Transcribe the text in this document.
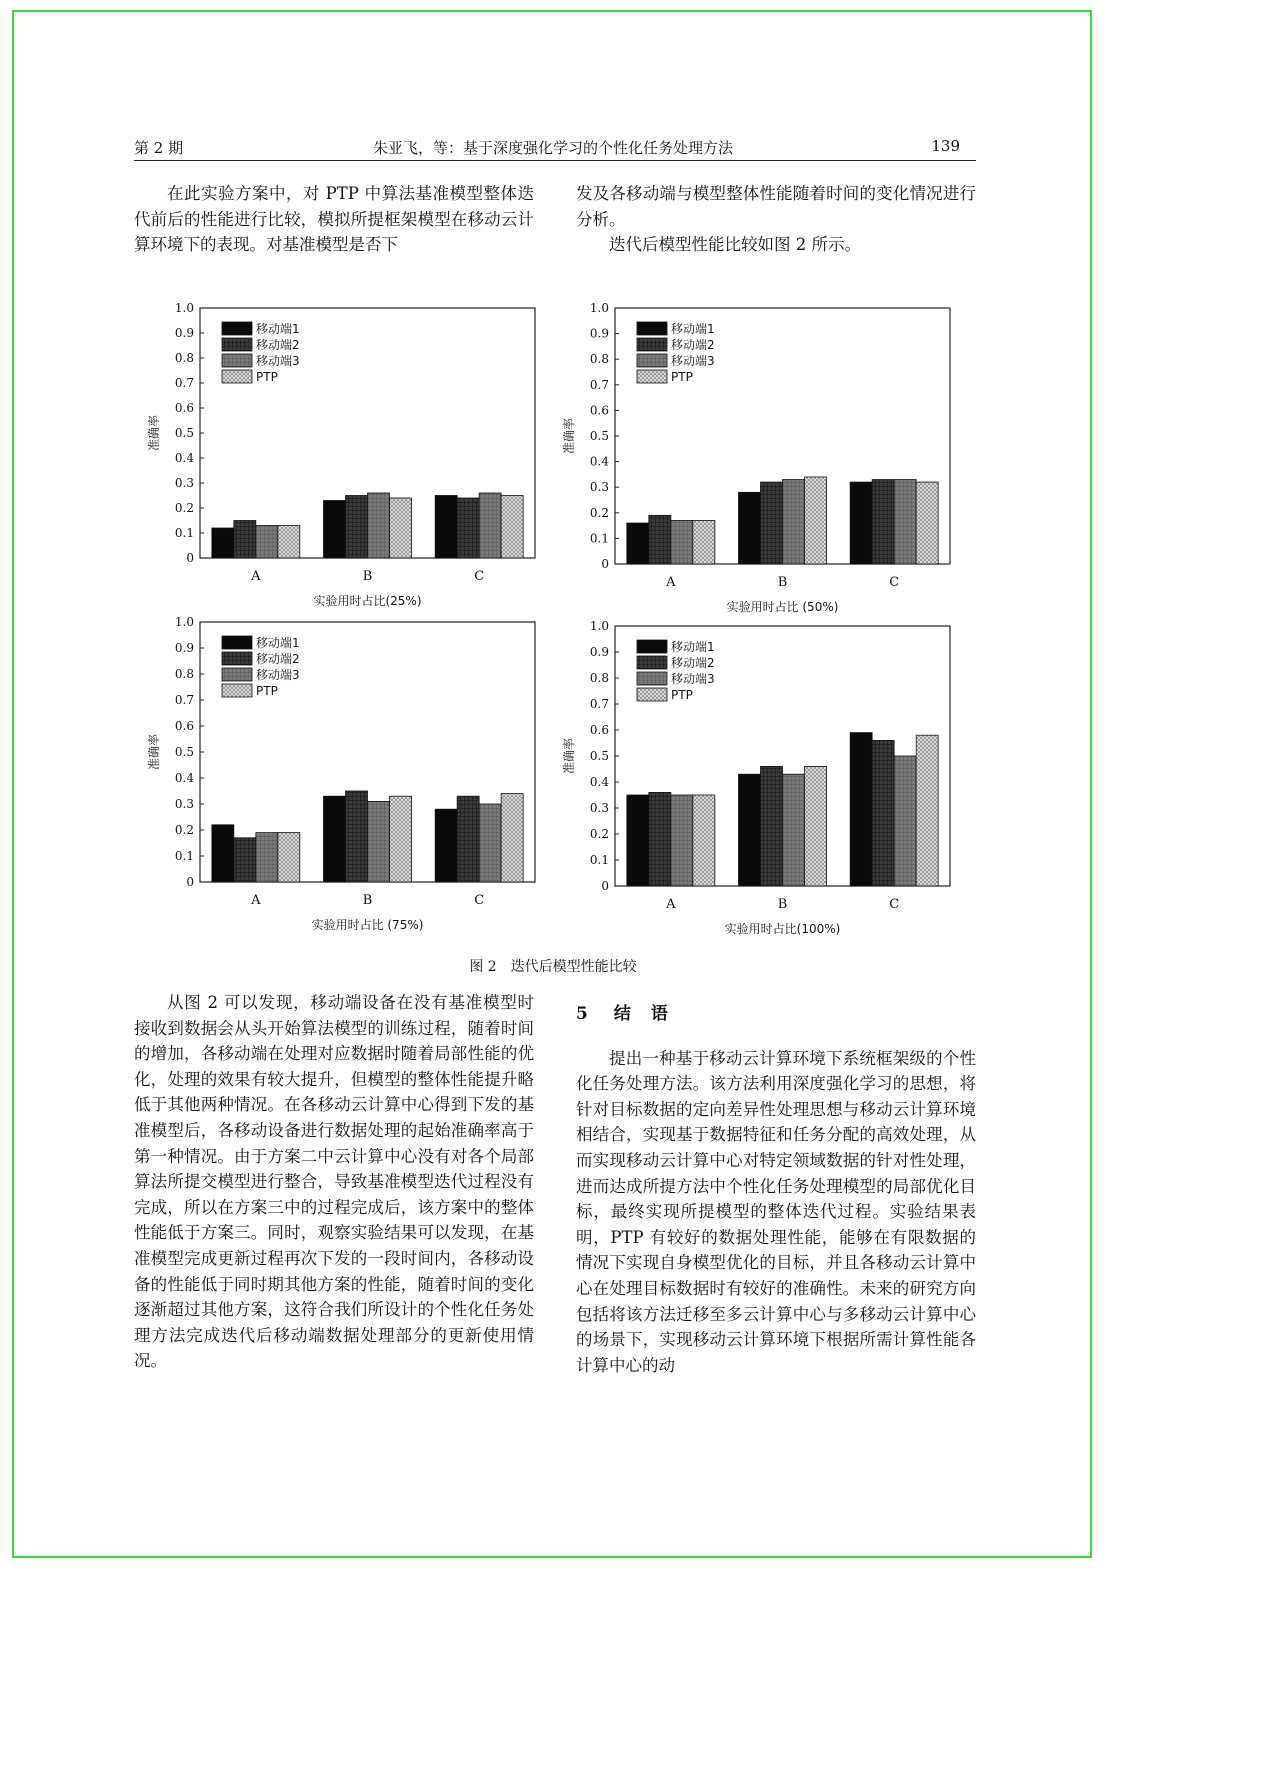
第 2 期	朱亚飞，等：基于深度强化学习的个性化任务处理方法	139

在此实验方案中，对 PTP 中算法基准模型整体迭代前后的性能进行比较，模拟所提框架模型在移动云计算环境下的表现。对基准模型是否下

发及各移动端与模型整体性能随着时间的变化情况进行分析。

迭代后模型性能比较如图 2 所示。

0
0.1
0.2
0.3
0.4
0.5
0.6
0.7
0.8
0.9
1.0
准确率
A	B	C
实验用时占比(25%)
移动端1
移动端2
移动端3
PTP
0
0.1
0.2
0.3
0.4
0.5
0.6
0.7
0.8
0.9
1.0
准确率
A	B	C
实验用时占比 (50%)
移动端1
移动端2
移动端3
PTP
0
0.1
0.2
0.3
0.4
0.5
0.6
0.7
0.8
0.9
1.0
准确率
A	B	C
实验用时占比 (75%)
移动端1
移动端2
移动端3
PTP
0
0.1
0.2
0.3
0.4
0.5
0.6
0.7
0.8
0.9
1.0
准确率
A	B	C
实验用时占比(100%)
移动端1
移动端2
移动端3
PTP
图 2　迭代后模型性能比较

从图 2 可以发现，移动端设备在没有基准模型时接收到数据会从头开始算法模型的训练过程，随着时间的增加，各移动端在处理对应数据时随着局部性能的优化，处理的效果有较大提升，但模型的整体性能提升略低于其他两种情况。在各移动云计算中心得到下发的基准模型后，各移动设备进行数据处理的起始准确率高于第一种情况。由于方案二中云计算中心没有对各个局部算法所提交模型进行整合，导致基准模型迭代过程没有完成，所以在方案三中的过程完成后，该方案中的整体性能低于方案三。同时，观察实验结果可以发现，在基准模型完成更新过程再次下发的一段时间内，各移动设备的性能低于同时期其他方案的性能，随着时间的变化逐渐超过其他方案，这符合我们所设计的个性化任务处理方法完成迭代后移动端数据处理部分的更新使用情况。

5 结 语

提出一种基于移动云计算环境下系统框架级的个性化任务处理方法。该方法利用深度强化学习的思想，将针对目标数据的定向差异性处理思想与移动云计算环境相结合，实现基于数据特征和任务分配的高效处理，从而实现移动云计算中心对特定领域数据的针对性处理，进而达成所提方法中个性化任务处理模型的局部优化目标，最终实现所提模型的整体迭代过程。实验结果表明，PTP 有较好的数据处理性能，能够在有限数据的情况下实现自身模型优化的目标，并且各移动云计算中心在处理目标数据时有较好的准确性。未来的研究方向包括将该方法迁移至多云计算中心与多移动云计算中心的场景下，实现移动云计算环境下根据所需计算性能各计算中心的动
